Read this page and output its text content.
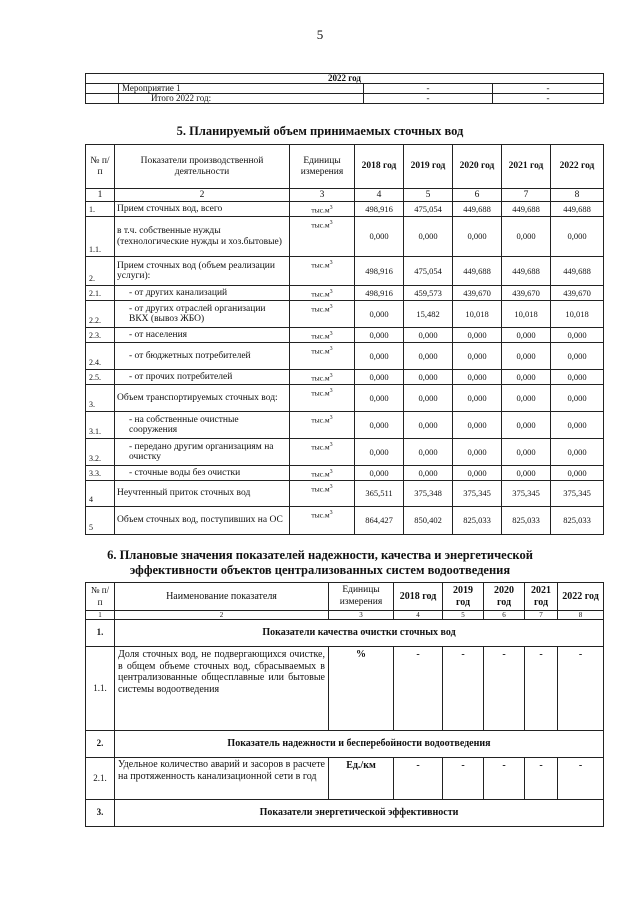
5
2022 год			
	Мероприятие 1	-	-
	Итого 2022 год:	-	-
5. Планируемый объем принимаемых сточных вод
№ п/п	Показатели производственной деятельности	Единицы измерения	2018 год	2019 год	2020 год	2021 год	2022 год
1	2	3	4	5	6	7	8
1.	Прием сточных вод, всего	$тыс.м^3$	498,916	475,054	449,688	449,688	449,688
1.1.	в т.ч. собственные нужды (технологические нужды и хоз.бытовые)	$тыс.м^3$	0,000	0,000	0,000	0,000	0,000
2.	Прием сточных вод (объем реализации услуги):	$тыс.м^3$	498,916	475,054	449,688	449,688	449,688
2.1.	- от других канализаций	$тыс.м^3$	498,916	459,573	439,670	439,670	439,670
2.2.	- от других отраслей организации ВКХ (вывоз ЖБО)	$тыс.м^3$	0,000	15,482	10,018	10,018	10,018
2.3.	- от населения	$тыс.м^3$	0,000	0,000	0,000	0,000	0,000
2.4.	- от бюджетных потребителей	$тыс.м^3$	0,000	0,000	0,000	0,000	0,000
2.5.	- от прочих потребителей	$тыс.м^3$	0,000	0,000	0,000	0,000	0,000
3.	Объем транспортируемых сточных вод:	$тыс.м^3$	0,000	0,000	0,000	0,000	0,000
3.1.	- на собственные очистные сооружения	$тыс.м^3$	0,000	0,000	0,000	0,000	0,000
3.2.	- передано другим организациям на очистку	$тыс.м^3$	0,000	0,000	0,000	0,000	0,000
3.3.	- сточные воды без очистки	$тыс.м^3$	0,000	0,000	0,000	0,000	0,000
4	Неучтенный приток сточных вод	$тыс.м^3$	365,511	375,348	375,345	375,345	375,345
5	Объем сточных вод, поступивших на ОС	$тыс.м^3$	864,427	850,402	825,033	825,033	825,033
6. Плановые значения показателей надежности, качества и энергетической
эффективности объектов централизованных систем водоотведения
№ п/п	Наименование показателя	Единицы измерения	2018 год	2019 год	2020 год	2021 год	2022 год
1	2	3	4	5	6	7	8
1.	Показатели качества очистки сточных вод						
1.1.	Доля сточных вод, не подвергающихся очистке, в общем объеме сточных вод, сбрасываемых в централизованные общесплавные или бытовые системы водоотведения	%	-	-	-	-	-
2.	Показатель надежности и бесперебойности водоотведения						
2.1.	Удельное количество аварий и засоров в расчете на протяженность канализационной сети в год	Ед./км	-	-	-	-	-
3.	Показатели энергетической эффективности						
